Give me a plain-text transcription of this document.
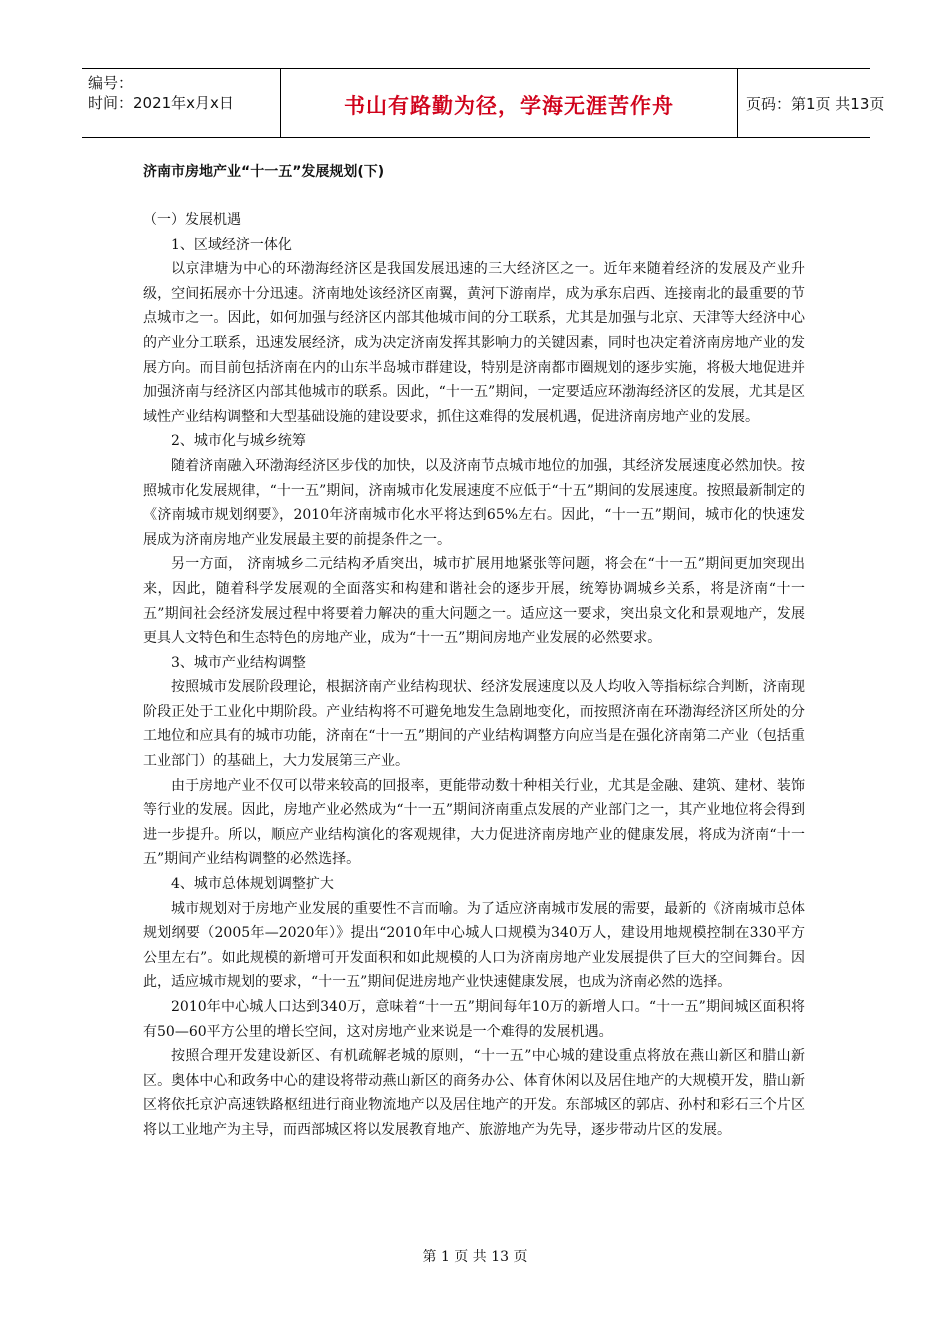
编号：
时间：2021年x月x日	书山有路勤为径，学海无涯苦作舟	页码：第1页 共13页
济南市房地产业“十一五”发展规划(下)

（一）发展机遇

1、区域经济一体化

以京津塘为中心的环渤海经济区是我国发展迅速的三大经济区之一。近年来随着经济的发展及产业升级，空间拓展亦十分迅速。济南地处该经济区南翼，黄河下游南岸，成为承东启西、连接南北的最重要的节点城市之一。因此，如何加强与经济区内部其他城市间的分工联系，尤其是加强与北京、天津等大经济中心的产业分工联系，迅速发展经济，成为决定济南发挥其影响力的关键因素，同时也决定着济南房地产业的发展方向。而目前包括济南在内的山东半岛城市群建设，特别是济南都市圈规划的逐步实施，将极大地促进并加强济南与经济区内部其他城市的联系。因此，“十一五”期间，一定要适应环渤海经济区的发展，尤其是区域性产业结构调整和大型基础设施的建设要求，抓住这难得的发展机遇，促进济南房地产业的发展。

2、城市化与城乡统筹

随着济南融入环渤海经济区步伐的加快，以及济南节点城市地位的加强，其经济发展速度必然加快。按照城市化发展规律，“十一五”期间，济南城市化发展速度不应低于“十五”期间的发展速度。按照最新制定的《济南城市规划纲要》，2010年济南城市化水平将达到65%左右。因此，“十一五”期间，城市化的快速发展成为济南房地产业发展最主要的前提条件之一。

另一方面， 济南城乡二元结构矛盾突出，城市扩展用地紧张等问题，将会在“十一五”期间更加突现出来，因此，随着科学发展观的全面落实和构建和谐社会的逐步开展，统筹协调城乡关系，将是济南“十一五”期间社会经济发展过程中将要着力解决的重大问题之一。适应这一要求，突出泉文化和景观地产，发展更具人文特色和生态特色的房地产业，成为“十一五”期间房地产业发展的必然要求。

3、城市产业结构调整

按照城市发展阶段理论，根据济南产业结构现状、经济发展速度以及人均收入等指标综合判断，济南现阶段正处于工业化中期阶段。产业结构将不可避免地发生急剧地变化，而按照济南在环渤海经济区所处的分工地位和应具有的城市功能，济南在“十一五”期间的产业结构调整方向应当是在强化济南第二产业（包括重工业部门）的基础上，大力发展第三产业。

由于房地产业不仅可以带来较高的回报率，更能带动数十种相关行业，尤其是金融、建筑、建材、装饰等行业的发展。因此，房地产业必然成为“十一五”期间济南重点发展的产业部门之一，其产业地位将会得到进一步提升。所以，顺应产业结构演化的客观规律，大力促进济南房地产业的健康发展，将成为济南“十一五”期间产业结构调整的必然选择。

4、城市总体规划调整扩大

城市规划对于房地产业发展的重要性不言而喻。为了适应济南城市发展的需要，最新的《济南城市总体规划纲要（2005年—2020年）》提出“2010年中心城人口规模为340万人，建设用地规模控制在330平方公里左右”。如此规模的新增可开发面积和如此规模的人口为济南房地产业发展提供了巨大的空间舞台。因此，适应城市规划的要求，“十一五”期间促进房地产业快速健康发展，也成为济南必然的选择。

2010年中心城人口达到340万，意味着“十一五”期间每年10万的新增人口。“十一五”期间城区面积将有50—60平方公里的增长空间，这对房地产业来说是一个难得的发展机遇。

按照合理开发建设新区、有机疏解老城的原则，“十一五”中心城的建设重点将放在燕山新区和腊山新区。奥体中心和政务中心的建设将带动燕山新区的商务办公、体育休闲以及居住地产的大规模开发，腊山新区将依托京沪高速铁路枢纽进行商业物流地产以及居住地产的开发。东部城区的郭店、孙村和彩石三个片区将以工业地产为主导，而西部城区将以发展教育地产、旅游地产为先导，逐步带动片区的发展。

第 1 页 共 13 页
